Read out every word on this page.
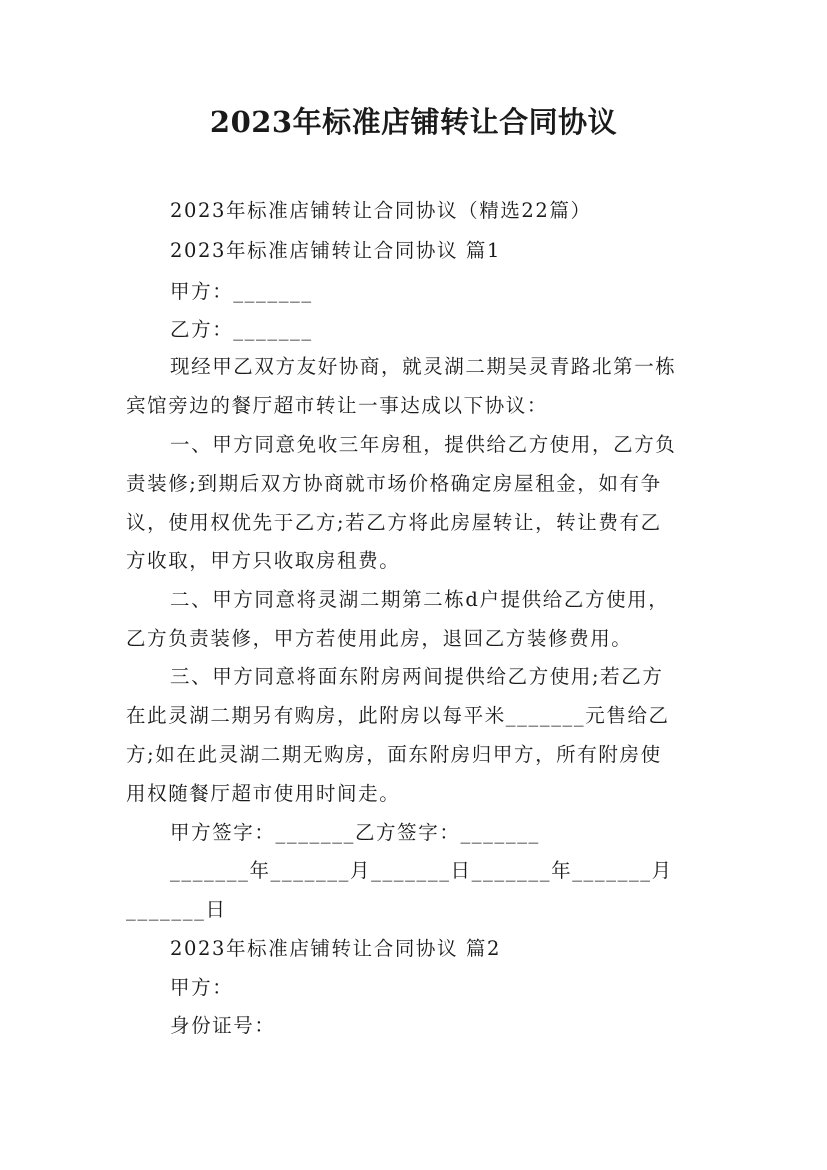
2023年标准店铺转让合同协议
2023年标准店铺转让合同协议（精选22篇）
2023年标准店铺转让合同协议 篇1
甲方：_______
乙方：_______
现经甲乙双方友好协商，就灵湖二期吴灵青路北第一栋
宾馆旁边的餐厅超市转让一事达成以下协议：
一、甲方同意免收三年房租，提供给乙方使用，乙方负
责装修;到期后双方协商就市场价格确定房屋租金，如有争
议，使用权优先于乙方;若乙方将此房屋转让，转让费有乙
方收取，甲方只收取房租费。
二、甲方同意将灵湖二期第二栋d户提供给乙方使用，
乙方负责装修，甲方若使用此房，退回乙方装修费用。
三、甲方同意将面东附房两间提供给乙方使用;若乙方
在此灵湖二期另有购房，此附房以每平米_______元售给乙
方;如在此灵湖二期无购房，面东附房归甲方，所有附房使
用权随餐厅超市使用时间走。
甲方签字：_______乙方签字：_______
_______年_______月_______日_______年_______月
_______日
2023年标准店铺转让合同协议 篇2
甲方：
身份证号：
